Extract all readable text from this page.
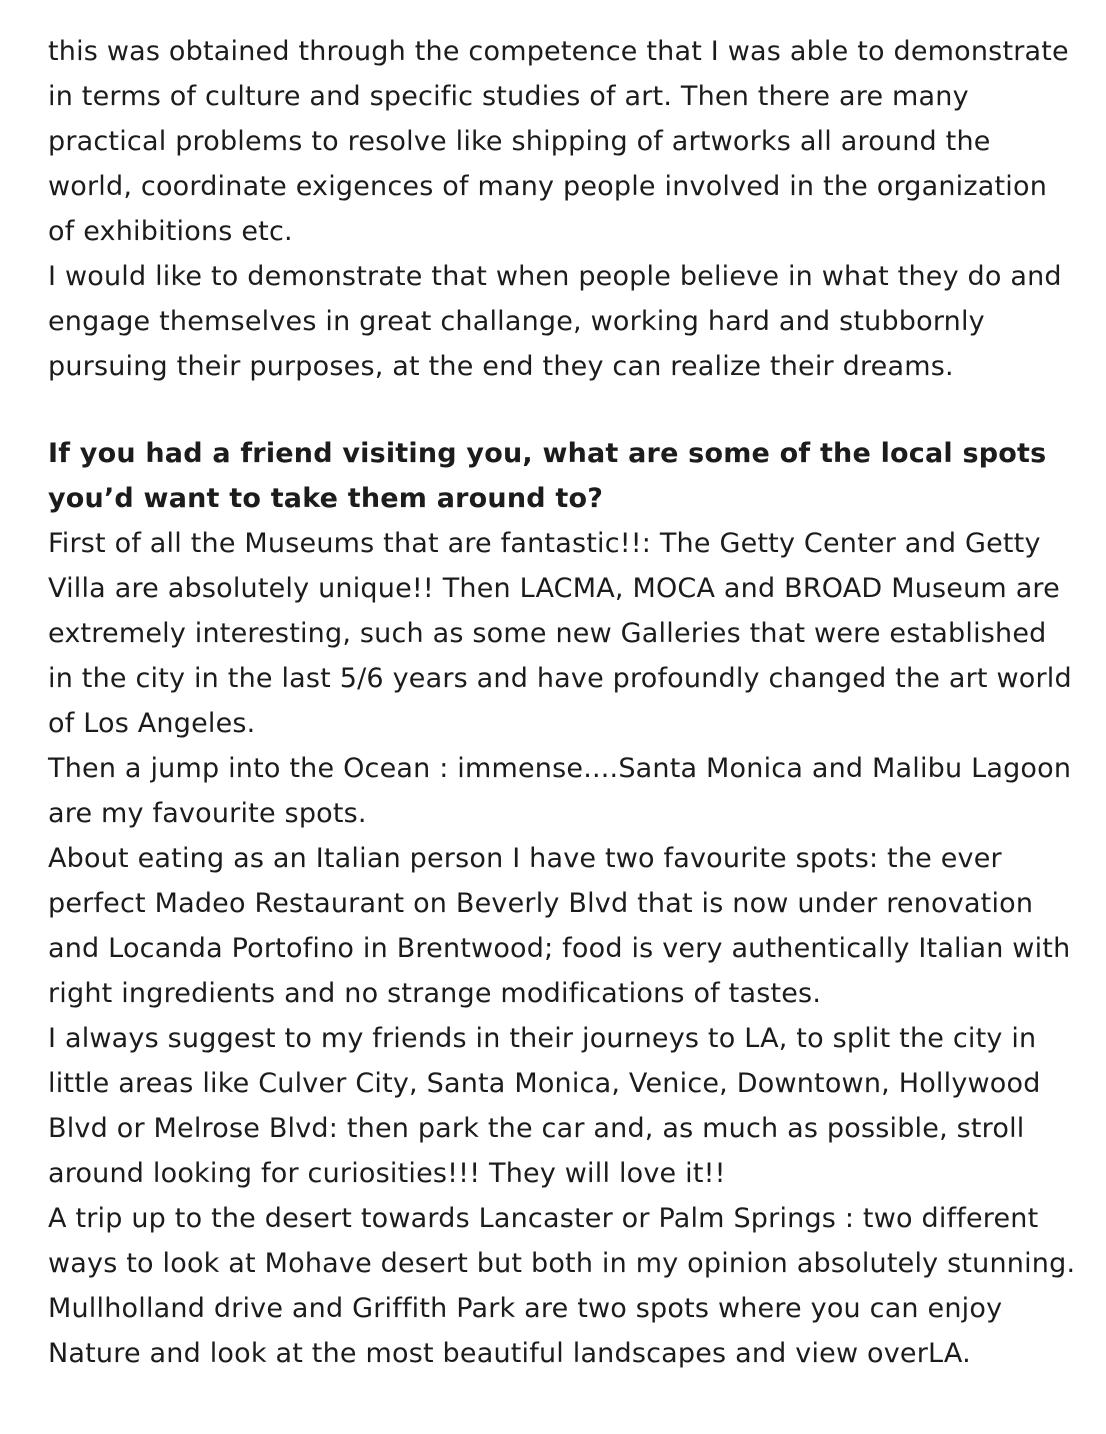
this was obtained through the competence that I was able to demonstrate in terms of culture and specific studies of art. Then there are many practical problems to resolve like shipping of artworks all around the world, coordinate exigences of many people involved in the organization of exhibitions etc.

I would like to demonstrate that when people believe in what they do and engage themselves in great challange, working hard and stubbornly pursuing their purposes, at the end they can realize their dreams.

If you had a friend visiting you, what are some of the local spots you’d want to take them around to?

First of all the Museums that are fantastic!!: The Getty Center and Getty Villa are absolutely unique!! Then LACMA, MOCA and BROAD Museum are extremely interesting, such as some new Galleries that were established in the city in the last 5/6 years and have profoundly changed the art world of Los Angeles.

Then a jump into the Ocean : immense....Santa Monica and Malibu Lagoon are my favourite spots.

About eating as an Italian person I have two favourite spots: the ever perfect Madeo Restaurant on Beverly Blvd that is now under renovation and Locanda Portofino in Brentwood; food is very authentically Italian with right ingredients and no strange modifications of tastes.

I always suggest to my friends in their journeys to LA, to split the city in little areas like Culver City, Santa Monica, Venice, Downtown, Hollywood Blvd or Melrose Blvd: then park the car and, as much as possible, stroll around looking for curiosities!!! They will love it!!

A trip up to the desert towards Lancaster or Palm Springs : two different ways to look at Mohave desert but both in my opinion absolutely stunning.

Mullholland drive and Griffith Park are two spots where you can enjoy Nature and look at the most beautiful landscapes and view overLA.
